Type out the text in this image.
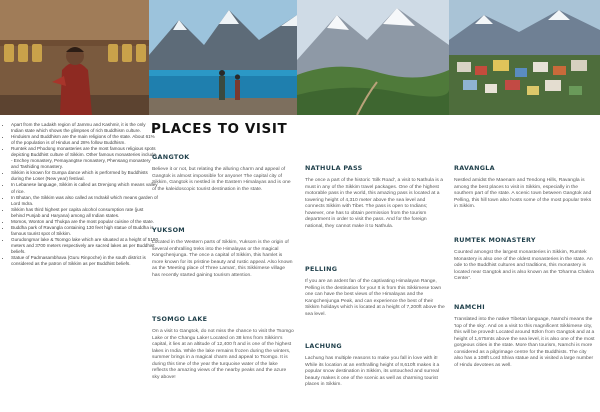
• Apart from the Ladakh region of Jammu and Kashmir, it is the only Indian state which shows the glimpses of rich Buddhism culture.
• Hinduism and Buddhism are the main religions of the state. About 61% of the population is of Hindus and 28% follow Buddhism.
• Rumtek and Phodong monasteries are the most famous religious spots depicting Buddhist culture of Sikkim. Other famous monasteries include - Enchey monastery, Pemayangtse monastery, Phensang monastery and Tashiding monastery.
• Sikkim is known for Gumpa dance which is performed by Buddhists during the Loser (New year) festival.
• In Lebanese language, Sikkim is called as Drenjong which means valley of rice.
• In Bhutan, the Sikkim was also called as Indrakil which means garden of Lord Indra.
• Sikkim has third highest per capita alcohol consumption rate (just behind Punjab and Haryana) among all Indian states.
• Momos, Wonton and Thukpa are the most popular cuisine of the state.
• Buddha park of Ravangla containing 130 feet high statue of Buddha is famous tourist spot of Sikkim.
• Gurudongmar lake & Tsomgo lake which are situated at a height of 5180 meters and 3700 meters respectively are sacred lakes as per Buddhist beliefs.
• Statue of Padmasambhava (Guru Rinpoche) in the south district is considered as the patron of Sikkim as per Buddhist beliefs.
PLACES TO VISIT
GANGTOK

Believe it or not, but relating the alluring charm and appeal of Gangtok is almost impossible for anyone! The capital city of Sikkim, Gangtok is nestled in the Eastern Himalayas and is one of the kaleidoscopic tourist destination in the state.

YUKSOM

Located in the Western parts of Sikkim, Yuksom is the origin of several enthralling treks into the Himalayas or the magical Kangchenjunga. The once a capital of Sikkim, this hamlet is more known for its pristine beauty and rustic appeal. Also known as the 'Meeting place of Three Lamas', this Sikkimese village has recently started gaining tourism attention.

TSOMGO LAKE

On a visit to Gangtok, do not miss the chance to visit the Tsomgo Lake or the Changu Lake! Located on 38 kms from Sikkim's capital, it lies at an altitude of 12,400 ft and is one of the highest lakes in India. While the lake remains frozen during the winters, summer brings in a magical charm and appeal to Tsomgo. It is during this time of the year the turquoise water of the lake reflects the amazing views of the nearby peaks and the azure sky above!

NATHULA PASS

The once a part of the historic 'Silk Road', a visit to Nathula is a must in any of the Sikkim travel packages. One of the highest motorable pass in the world, this amazing pass is located at a towering height of 4,310 meter above the sea level and connects Sikkim with Tibet. The pass is open to Indians; however, one has to obtain permission from the tourism department in order to visit the pass. And for the foreign national, they cannot make it to Nathula.

PELLING

If you are an ardent fan of the captivating Himalayan Range, Pelling is the destination for you! It is from this Sikkimese town one can have the best views of the Himalayas and the Kangchenjunga Peak, and can experience the best of their Sikkim holidays which is located at a height of 7,200ft above the sea level.

LACHUNG

Lachung has multiple reasons to make you fall in love with it! While its location at an enthralling height of 8,610ft makes it a popular snow destination in Sikkim, its untouched and surreal beauty makes it one of the scenic as well as charming tourist places in Sikkim.

RAVANGLA

Nestled amidst the Maenam and Tendong Hills, Ravangla is among the best places to visit in Sikkim, especially in the southern part of the state. A scenic town between Gangtok and Pelling, this hill town also hosts some of the most popular treks in Sikkim.

RUMTEK MONASTERY

Counted amongst the largest monasteries in Sikkim, Rumtek Monastery is also one of the oldest monasteries in the state. An ode to the Buddhist cultures and traditions, this monastery is located near Gangtok and is also known as the 'Dharma Chakra Center'.

NAMCHI

Translated into the native Tibetan language, Namchi means the 'top of the sky'. And on a visit to this magnificent Sikkimese city, this will be proved! Located around 92km from Gangtok and at a height of 1,675mts above the sea level, it is also one of the most gorgeous cities in the state. More than tourism, Namchi is more considered as a pilgrimage centre for the Buddhists. The city also has a 108ft Lord Shiva statue and is visited a large number of Hindu devotees as well.
